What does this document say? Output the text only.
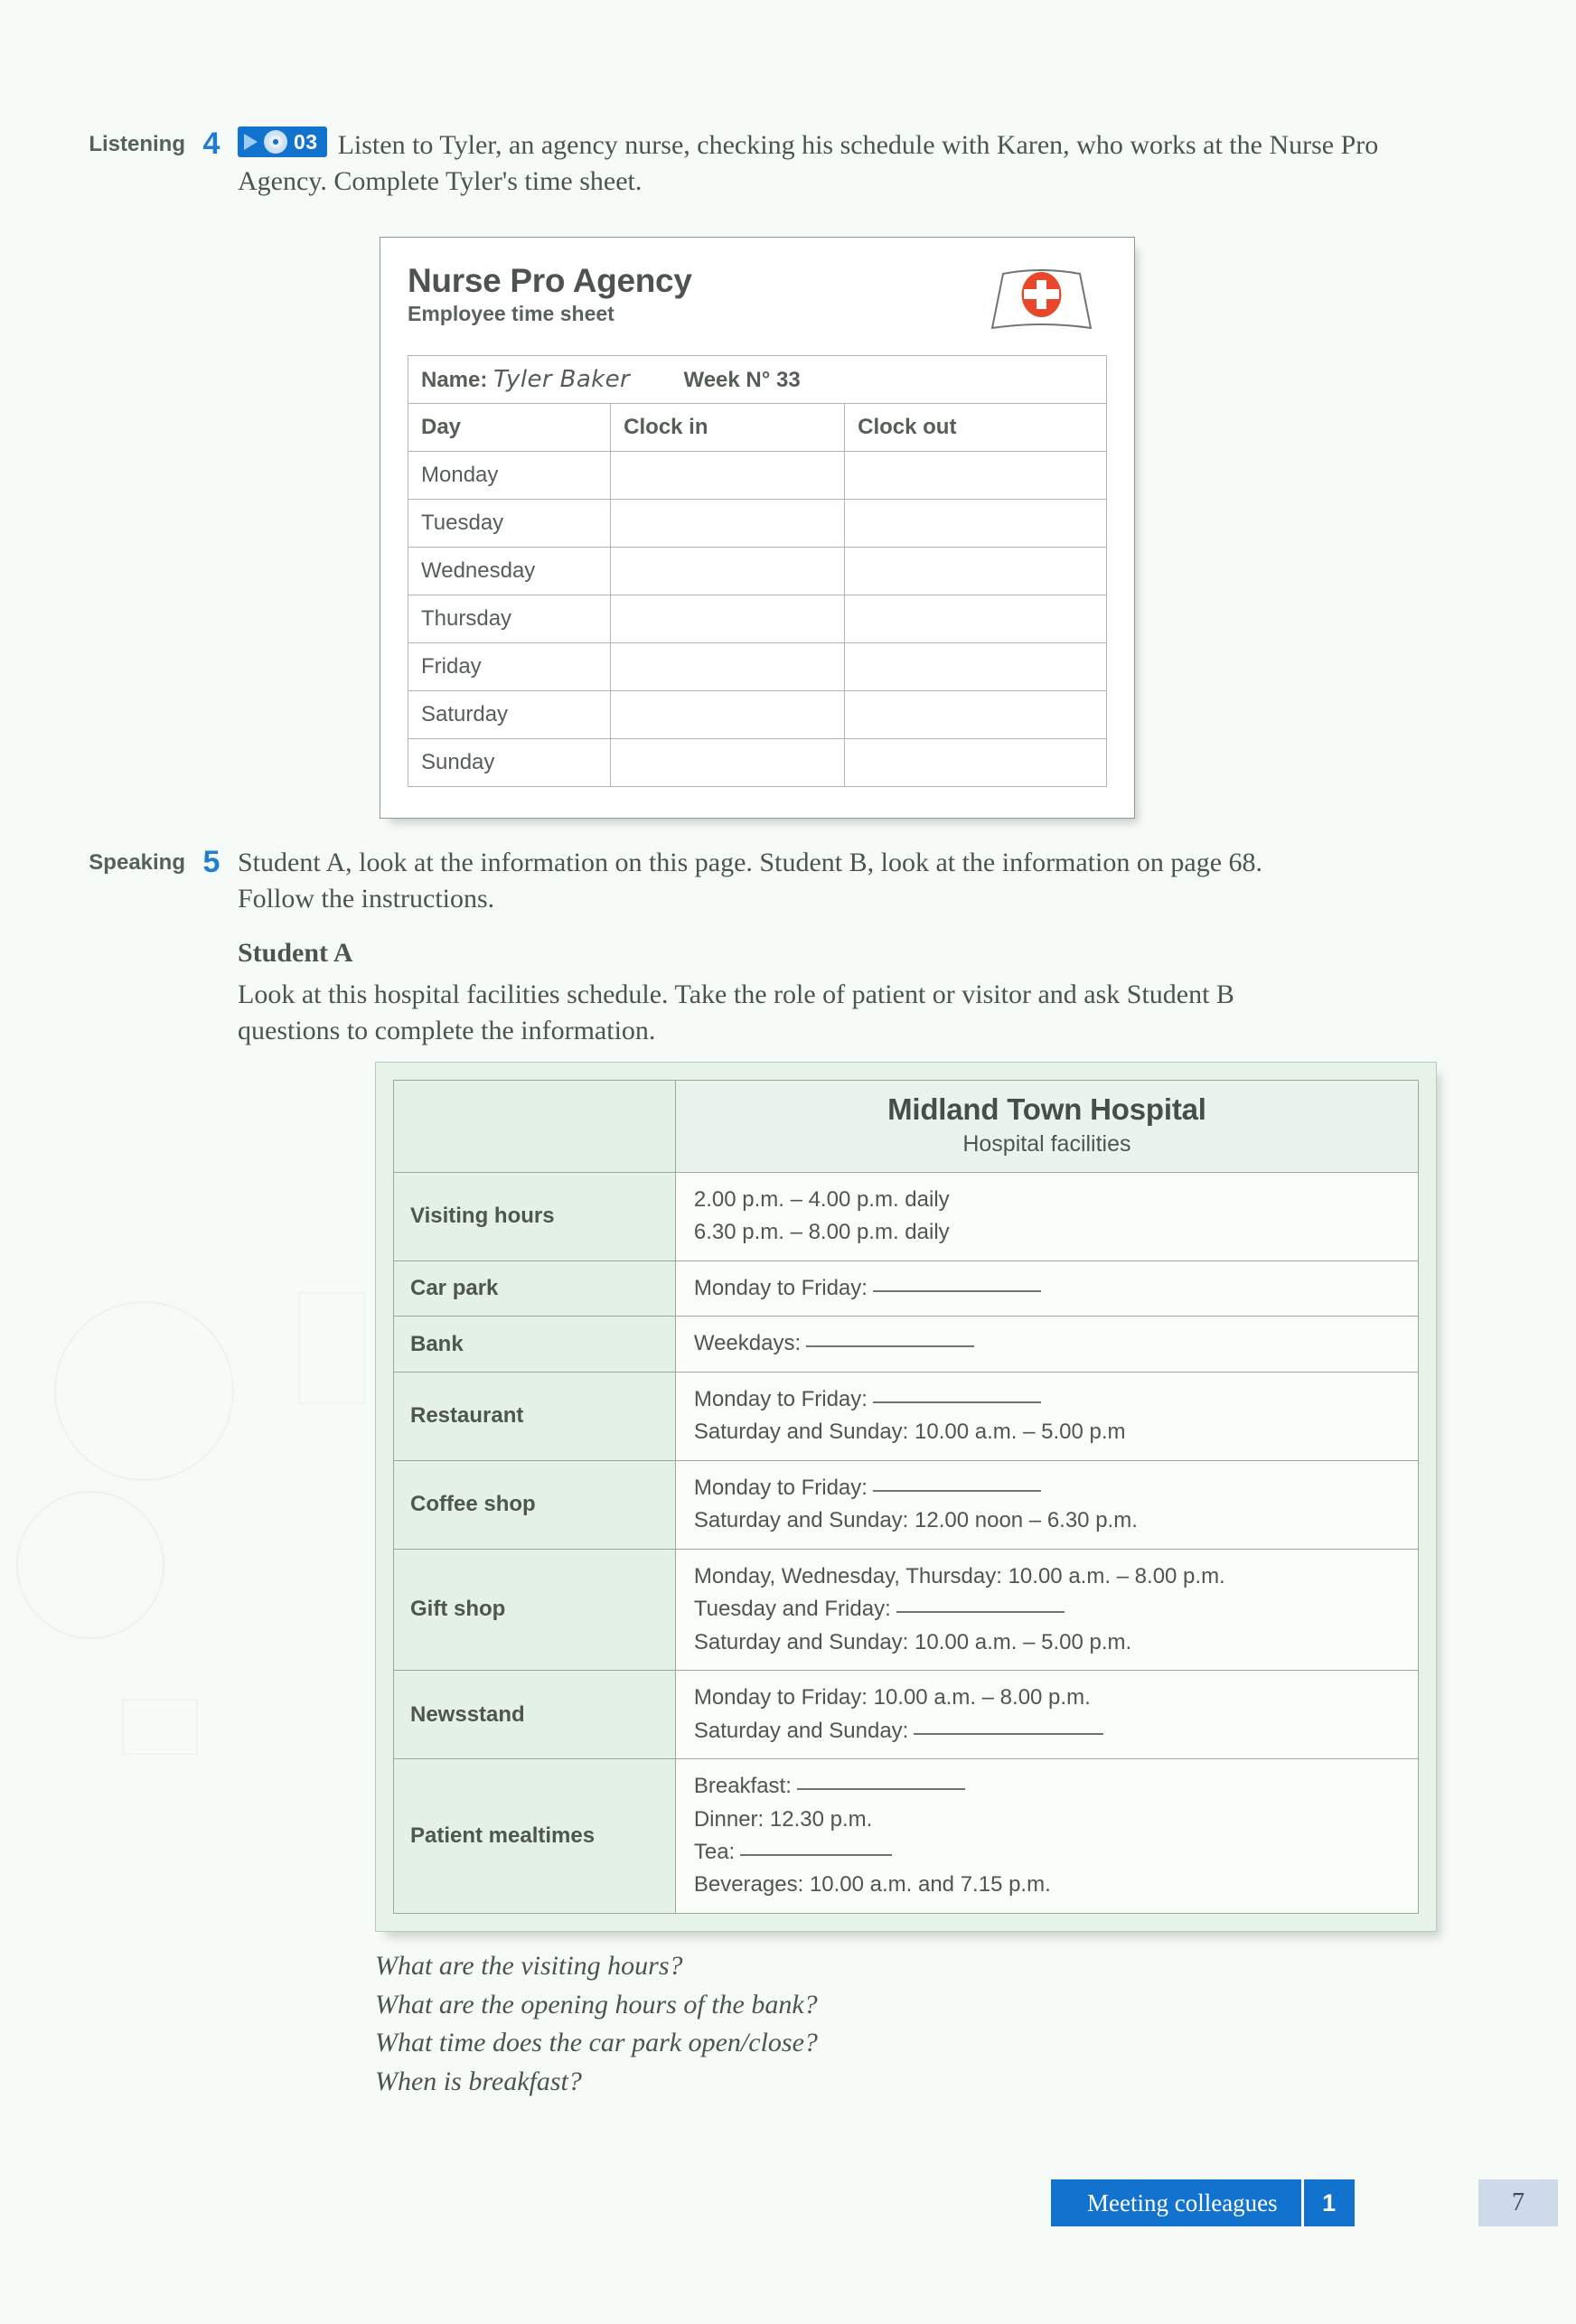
Listening 4	03 Listen to Tyler, an agency nurse, checking his schedule with Karen, who works at the Nurse Pro Agency. Complete Tyler's time sheet.
Nurse Pro Agency
Employee time sheet
Name: Tyler Baker Week N° 33		
Day	Clock in	Clock out
Monday		
Tuesday		
Wednesday		
Thursday		
Friday		
Saturday		
Sunday		
Speaking 5 Student A, look at the information on this page. Student B, look at the information on page 68. Follow the instructions.
Student A
Look at this hospital facilities schedule. Take the role of patient or visitor and ask Student B questions to complete the information.

	Midland Town Hospital
Hospital facilities

Visiting hours	2.00 p.m. – 4.00 p.m. daily
6.30 p.m. – 8.00 p.m. daily

Car park	Monday to Friday:

Bank	Weekdays:

Restaurant	Monday to Friday:
Saturday and Sunday: 10.00 a.m. – 5.00 p.m

Coffee shop	Monday to Friday:
Saturday and Sunday: 12.00 noon – 6.30 p.m.

Gift shop	Monday, Wednesday, Thursday: 10.00 a.m. – 8.00 p.m.
Tuesday and Friday:
Saturday and Sunday: 10.00 a.m. – 5.00 p.m.

Newsstand	Monday to Friday: 10.00 a.m. – 8.00 p.m.
Saturday and Sunday:

Patient mealtimes	Breakfast:
Dinner: 12.30 p.m.
Tea:
Beverages: 10.00 a.m. and 7.15 p.m.
What are the visiting hours?
What are the opening hours of the bank?
What time does the car park open/close?
When is breakfast?
Meeting colleagues	1	7
